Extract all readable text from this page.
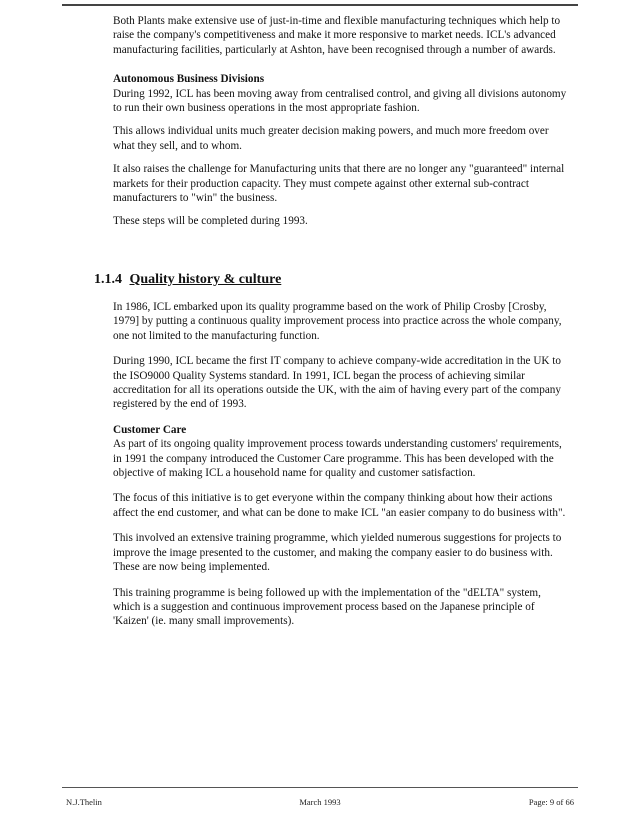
Both Plants make extensive use of just-in-time and flexible manufacturing techniques which help to raise the company's competitiveness and make it more responsive to market needs. ICL's advanced manufacturing facilities, particularly at Ashton, have been recognised through a number of awards.

Autonomous Business Divisions
During 1992, ICL has been moving away from centralised control, and giving all divisions autonomy to run their own business operations in the most appropriate fashion.

This allows individual units much greater decision making powers, and much more freedom over what they sell, and to whom.

It also raises the challenge for Manufacturing units that there are no longer any "guaranteed" internal markets for their production capacity. They must compete against other external sub-contract manufacturers to "win" the business.

These steps will be completed during 1993.

1.1.4 Quality history & culture

In 1986, ICL embarked upon its quality programme based on the work of Philip Crosby [Crosby, 1979] by putting a continuous quality improvement process into practice across the whole company, one not limited to the manufacturing function.

During 1990, ICL became the first IT company to achieve company-wide accreditation in the UK to the ISO9000 Quality Systems standard. In 1991, ICL began the process of achieving similar accreditation for all its operations outside the UK, with the aim of having every part of the company registered by the end of 1993.

Customer Care
As part of its ongoing quality improvement process towards understanding customers' requirements, in 1991 the company introduced the Customer Care programme. This has been developed with the objective of making ICL a household name for quality and customer satisfaction.

The focus of this initiative is to get everyone within the company thinking about how their actions affect the end customer, and what can be done to make ICL "an easier company to do business with".

This involved an extensive training programme, which yielded numerous suggestions for projects to improve the image presented to the customer, and making the company easier to do business with. These are now being implemented.

This training programme is being followed up with the implementation of the "dELTA" system, which is a suggestion and continuous improvement process based on the Japanese principle of 'Kaizen' (ie. many small improvements).

N.J.Thelin	March 1993	Page: 9 of 66
